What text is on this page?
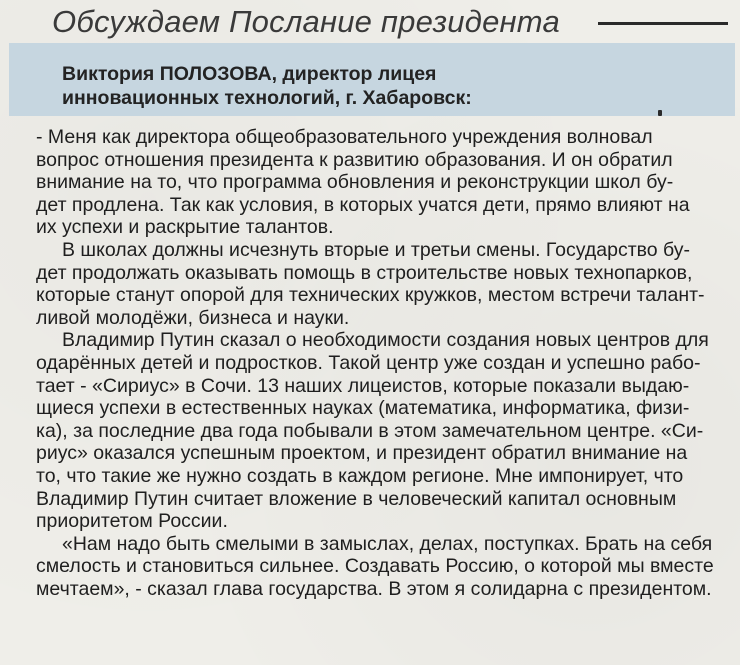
Обсуждаем Послание президента
Виктория ПОЛОЗОВА, директор лицея
инновационных технологий, г. Хабаровск:
- Меня как директора общеобразовательного учреждения волновал
вопрос отношения президента к развитию образования. И он обратил
внимание на то, что программа обновления и реконструкции школ бу-
дет продлена. Так как условия, в которых учатся дети, прямо влияют на
их успехи и раскрытие талантов.
В школах должны исчезнуть вторые и третьи смены. Государство бу-
дет продолжать оказывать помощь в строительстве новых технопарков,
которые станут опорой для технических кружков, местом встречи талант-
ливой молодёжи, бизнеса и науки.
Владимир Путин сказал о необходимости создания новых центров для
одарённых детей и подростков. Такой центр уже создан и успешно рабо-
тает - «Сириус» в Сочи. 13 наших лицеистов, которые показали выдаю-
щиеся успехи в естественных науках (математика, информатика, физи-
ка), за последние два года побывали в этом замечательном центре. «Си-
риус» оказался успешным проектом, и президент обратил внимание на
то, что такие же нужно создать в каждом регионе. Мне импонирует, что
Владимир Путин считает вложение в человеческий капитал основным
приоритетом России.
«Нам надо быть смелыми в замыслах, делах, поступках. Брать на себя
смелость и становиться сильнее. Создавать Россию, о которой мы вместе
мечтаем», - сказал глава государства. В этом я солидарна с президентом.
